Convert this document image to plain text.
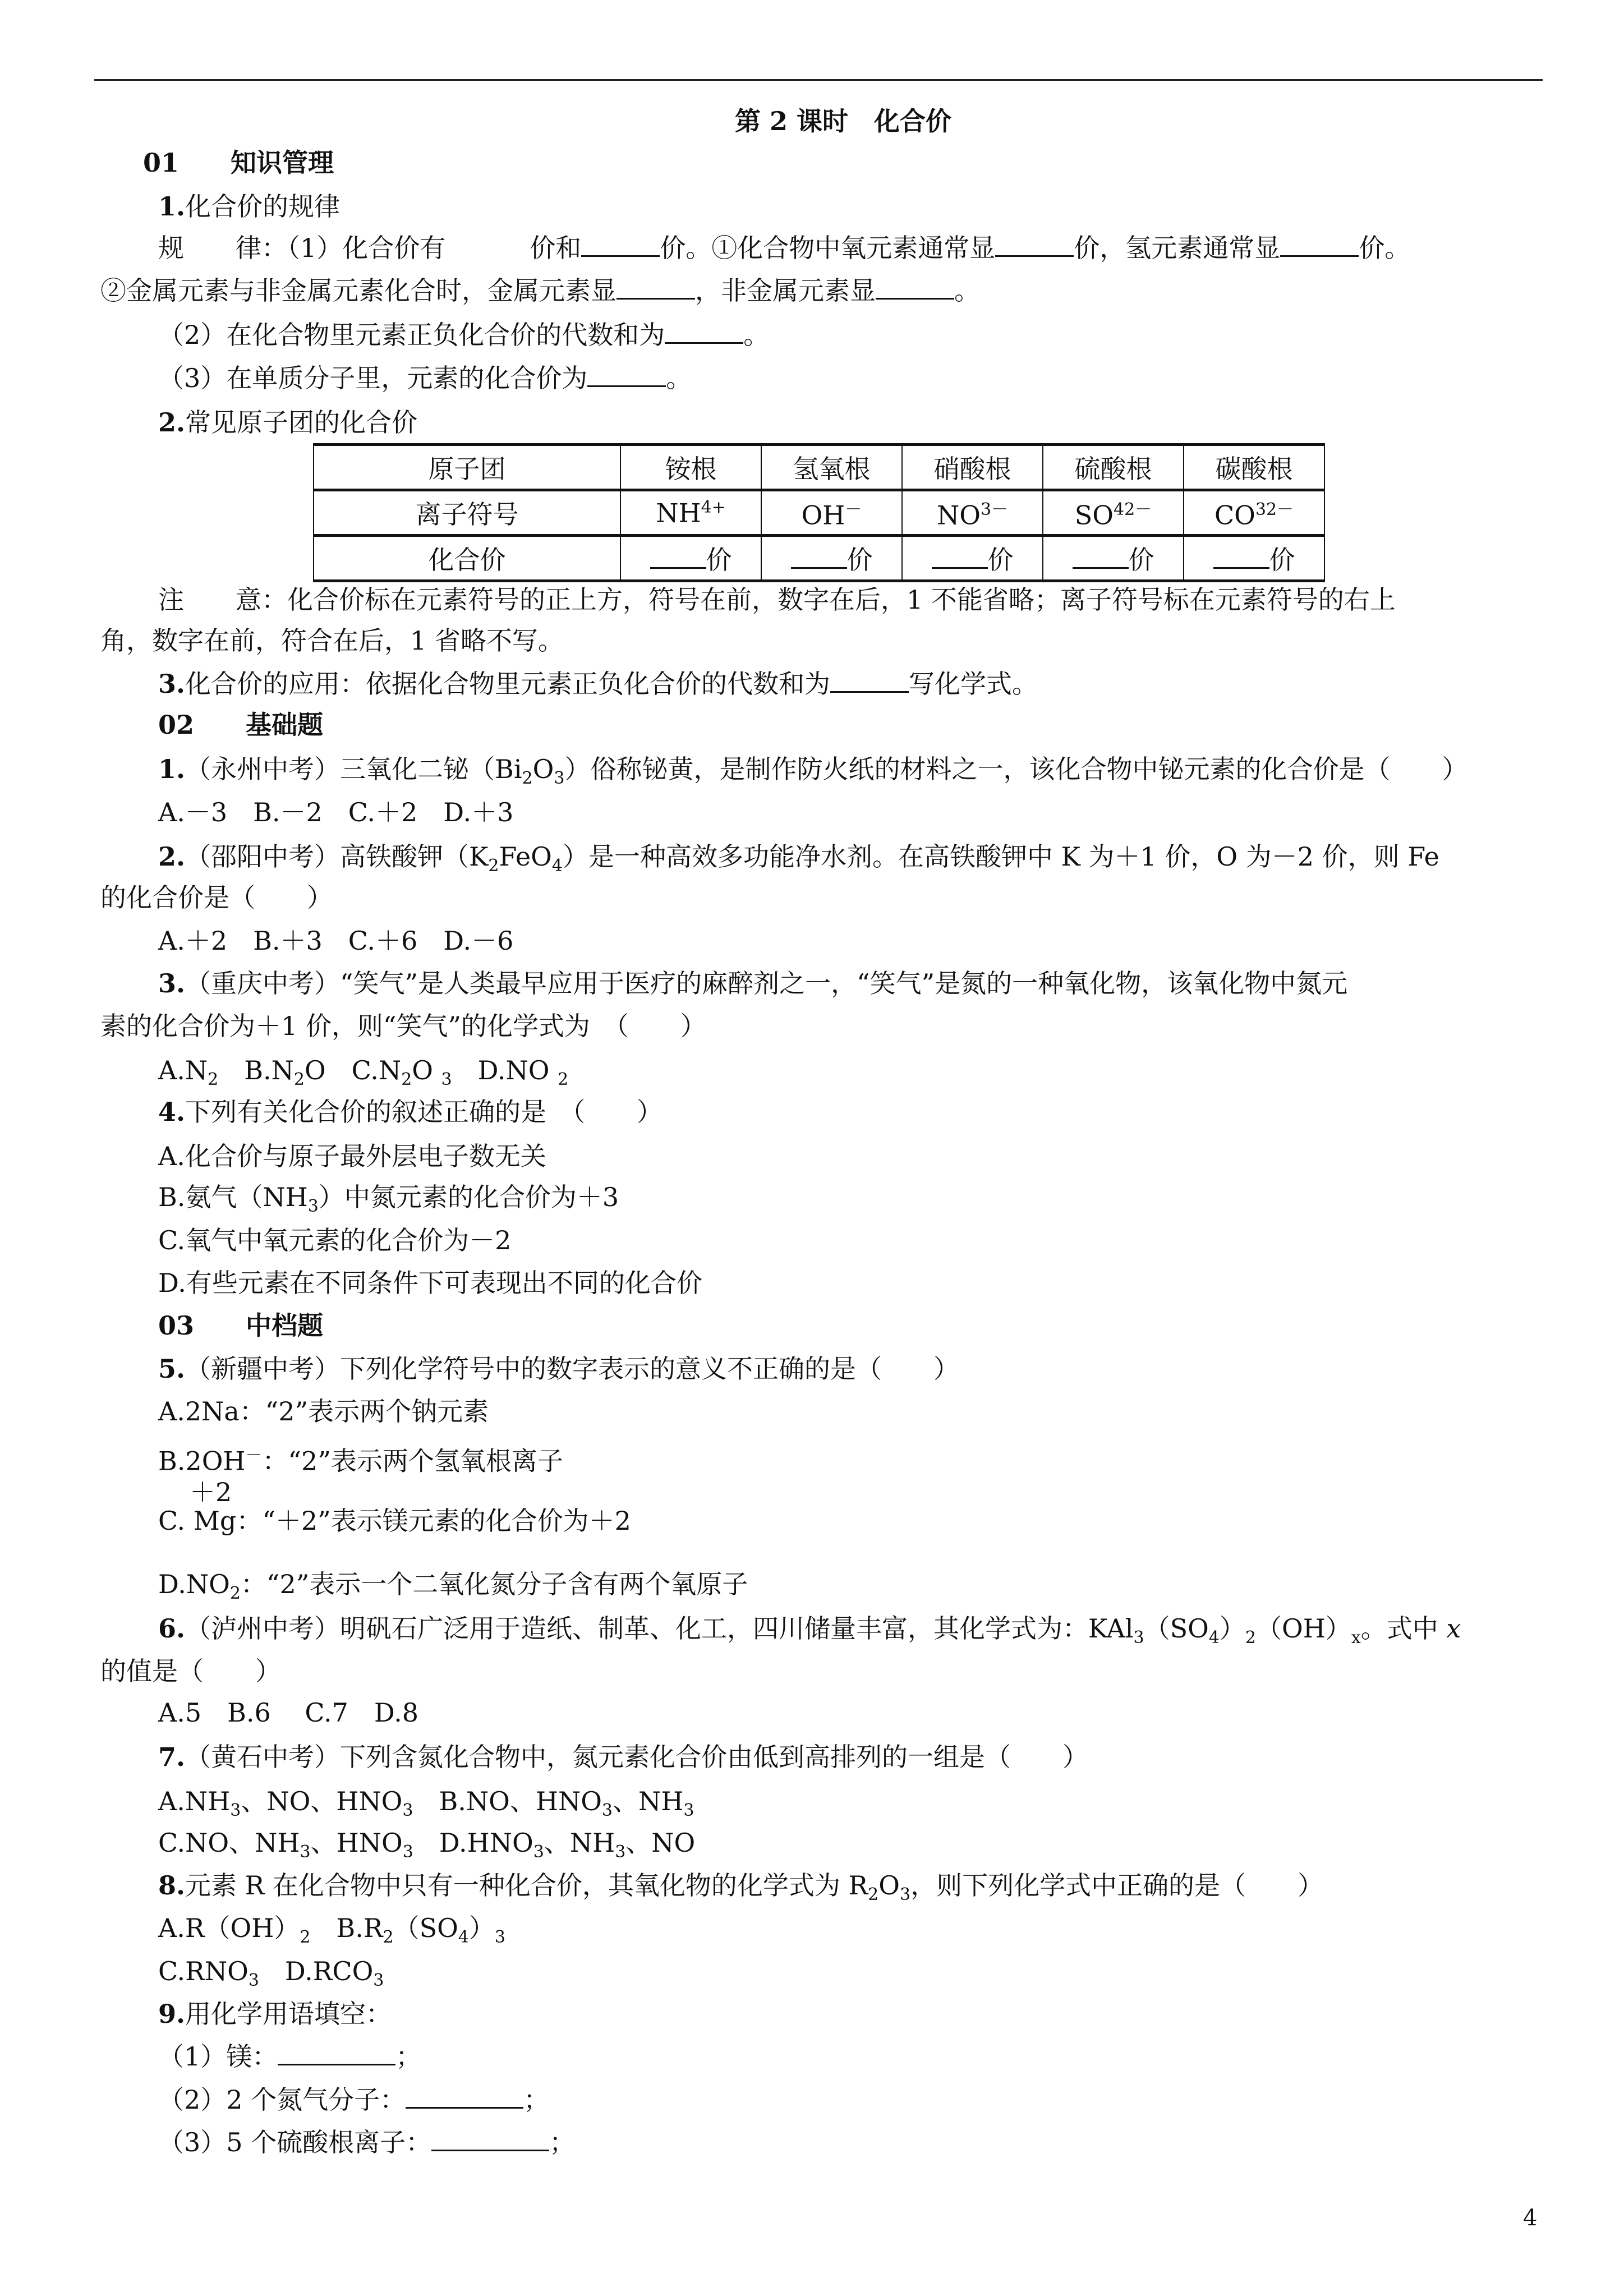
第 2 课时　化合价
01　　知识管理
1.化合价的规律
规　　律：（1）化合价有	价和	价。①化合物中氧元素通常显	价，氢元素通常显	价。
②金属元素与非金属元素化合时，金属元素显	，非金属元素显	。
（2）在化合物里元素正负化合价的代数和为	。
（3）在单质分子里，元素的化合价为	。
2.常见原子团的化合价
注　　意：化合价标在元素符号的正上方，符号在前，数字在后，1 不能省略；离子符号标在元素符号的右上
角，数字在前，符合在后，1 省略不写。
3.化合价的应用：依据化合物里元素正负化合价的代数和为	写化学式。
02　　基础题
1.（永州中考）三氧化二铋$(Bi_2O_3)$俗称铋黄，是制作防火纸的材料之一，该化合物中铋元素的化合价是（　　）
A.－3　B.－2　C.＋2　D.＋3
2.（邵阳中考）高铁酸钾$(K_2FeO_4)$是一种高效多功能净水剂。在高铁酸钾中 K 为＋1 价，O 为－2 价，则 Fe
的化合价是（　　）
A.＋2　B.＋3　C.＋6　D.－6
3.（重庆中考）“笑气”是人类最早应用于医疗的麻醉剂之一，“笑气”是氮的一种氧化物，该氧化物中氮元
素的化合价为＋1 价，则“笑气”的化学式为　（　　）
$A.N_2$　$B.N_2O$　$C.N_2O$ $_3$　D.NO $_2$
4.下列有关化合价的叙述正确的是　（　　）
A.化合价与原子最外层电子数无关
B.氨气$(NH_3)$中氮元素的化合价为＋3
C.氧气中氧元素的化合价为－2
D.有些元素在不同条件下可表现出不同的化合价
03　　中档题
5.（新疆中考）下列化学符号中的数字表示的意义不正确的是（　　）
A.2Na：“2”表示两个钠元素
B.2OH－：“2”表示两个氢氧根离子
＋2
C. Mg：“＋2”表示镁元素的化合价为＋2
$D.NO_2$：“2”表示一个二氧化氮分子含有两个氧原子
6.（泸州中考）明矾石广泛用于造纸、制革、化工，四川储量丰富，其化学式为：$KAl_3(SO_4)_2(OH)_x$。式中 x
的值是（　　）
A.5　B.6　 C.7　D.8
7.（黄石中考）下列含氮化合物中，氮元素化合价由低到高排列的一组是（　　）
$A.NH_3$、NO、$HNO_3$　B.NO、$HNO_3$、$NH_3$
C.NO、$NH_3$、$HNO_3$　$D.HNO_3$、$NH_3$、NO
8.元素 R 在化合物中只有一种化合价，其氧化物的化学式为 $R_2O_3$，则下列化学式中正确的是（　　）
$A.R(OH)_2$　$B.R_2(SO_4)_3$
$C.RNO_3$　$D.RCO_3$
9.用化学用语填空：
（1）镁：	；
（2）2 个氮气分子：	；
（3）5 个硫酸根离子：	；
原子团	铵根	氢氧根	硝酸根	硫酸根	碳酸根
离子符号	$NH^{4+}$	OH－	$NO^{3-}$	$SO^{42-}$	$CO^{32-}$
化合价	价	价	价	价	价
4
